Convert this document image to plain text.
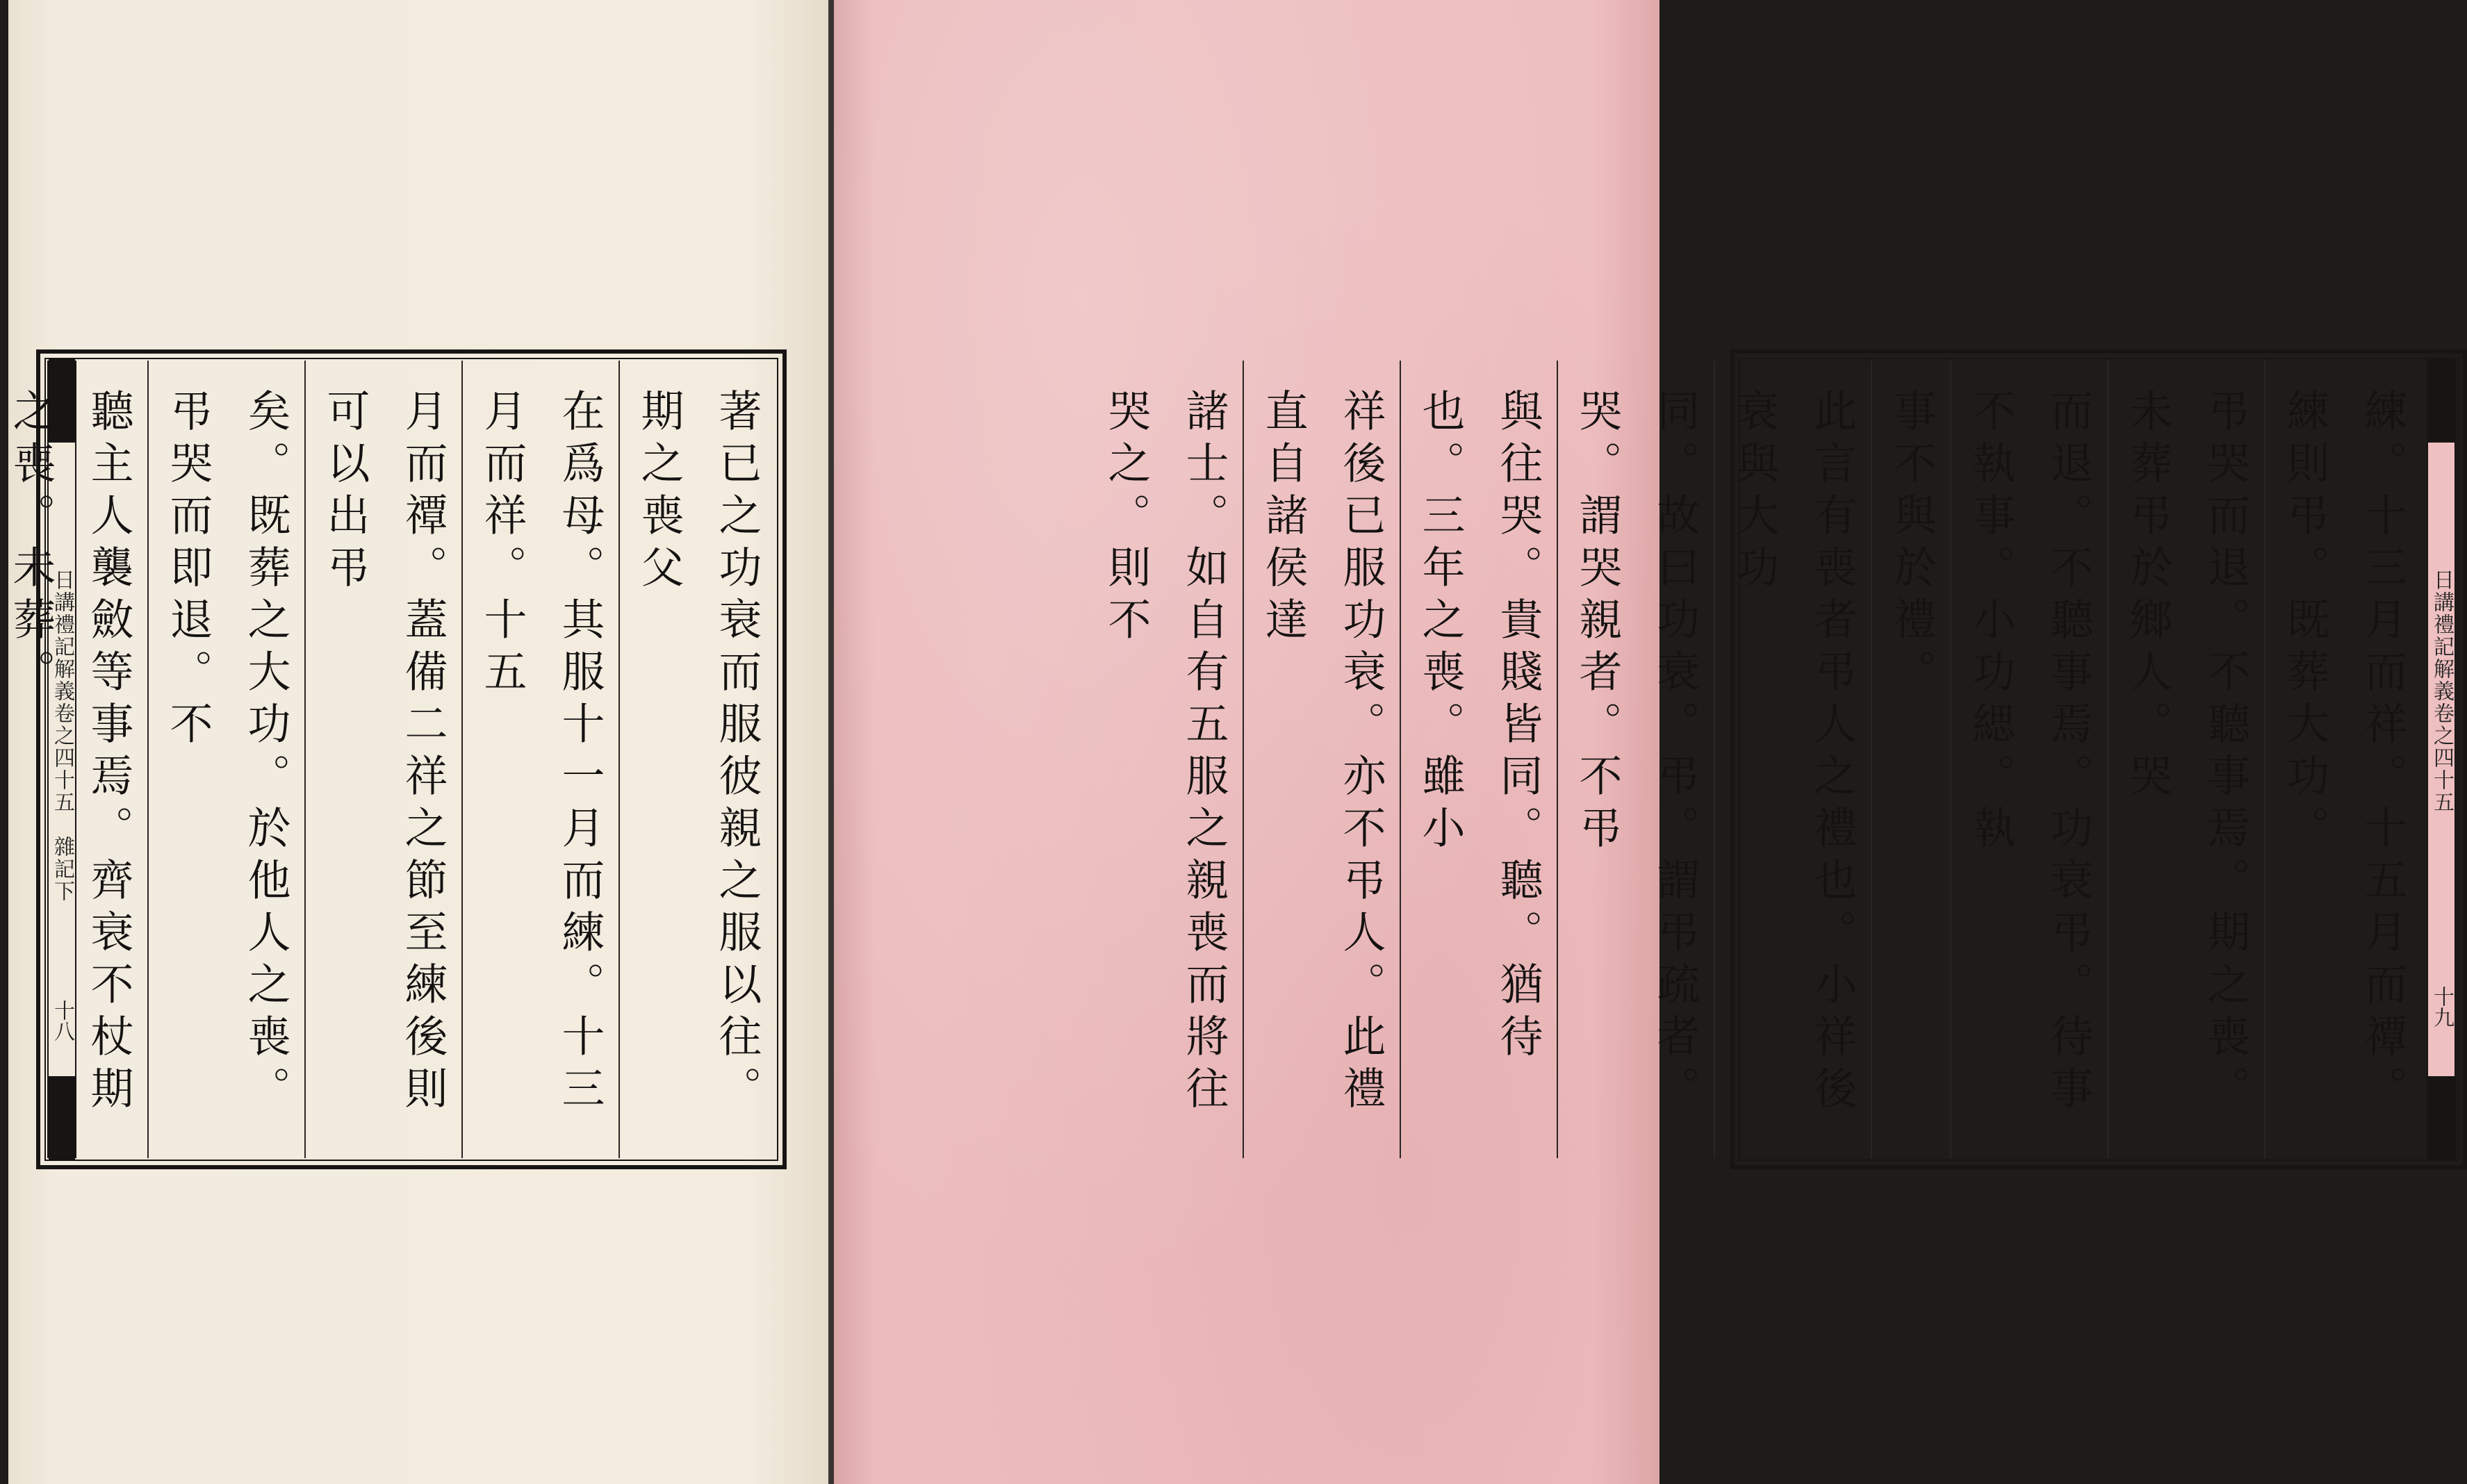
日講禮記解義卷之四十五　雜記下
十八	著已之功衰而服彼親之服以往。期之喪父
在爲母。其服十一月而練。十三月而祥。十五
月而禫。蓋備二祥之節至練後則可以出弔
矣。既葬之大功。於他人之喪。弔哭而即退。不
聽主人襲斂等事焉。齊衰不杖期之喪。未葬。	日講禮記解義卷之四十五
十九
練。十三月而祥。十五月而禫。練則弔。既葬大功。
弔哭而退。不聽事焉。期之喪。未葬弔於鄉人。哭
而退。不聽事焉。功衰弔。待事不執事。小功緦。執
事不與於禮。
此言有喪者弔人之禮也。小祥後衰與大功
同。故曰功衰。弔。謂弔疏者。哭。謂哭親者。不弔
與往哭。貴賤皆同。聽。猶待也。三年之喪。雖小
祥後已服功衰。亦不弔人。此禮直自諸侯達
諸士。如自有五服之親喪而將往哭之。則不
